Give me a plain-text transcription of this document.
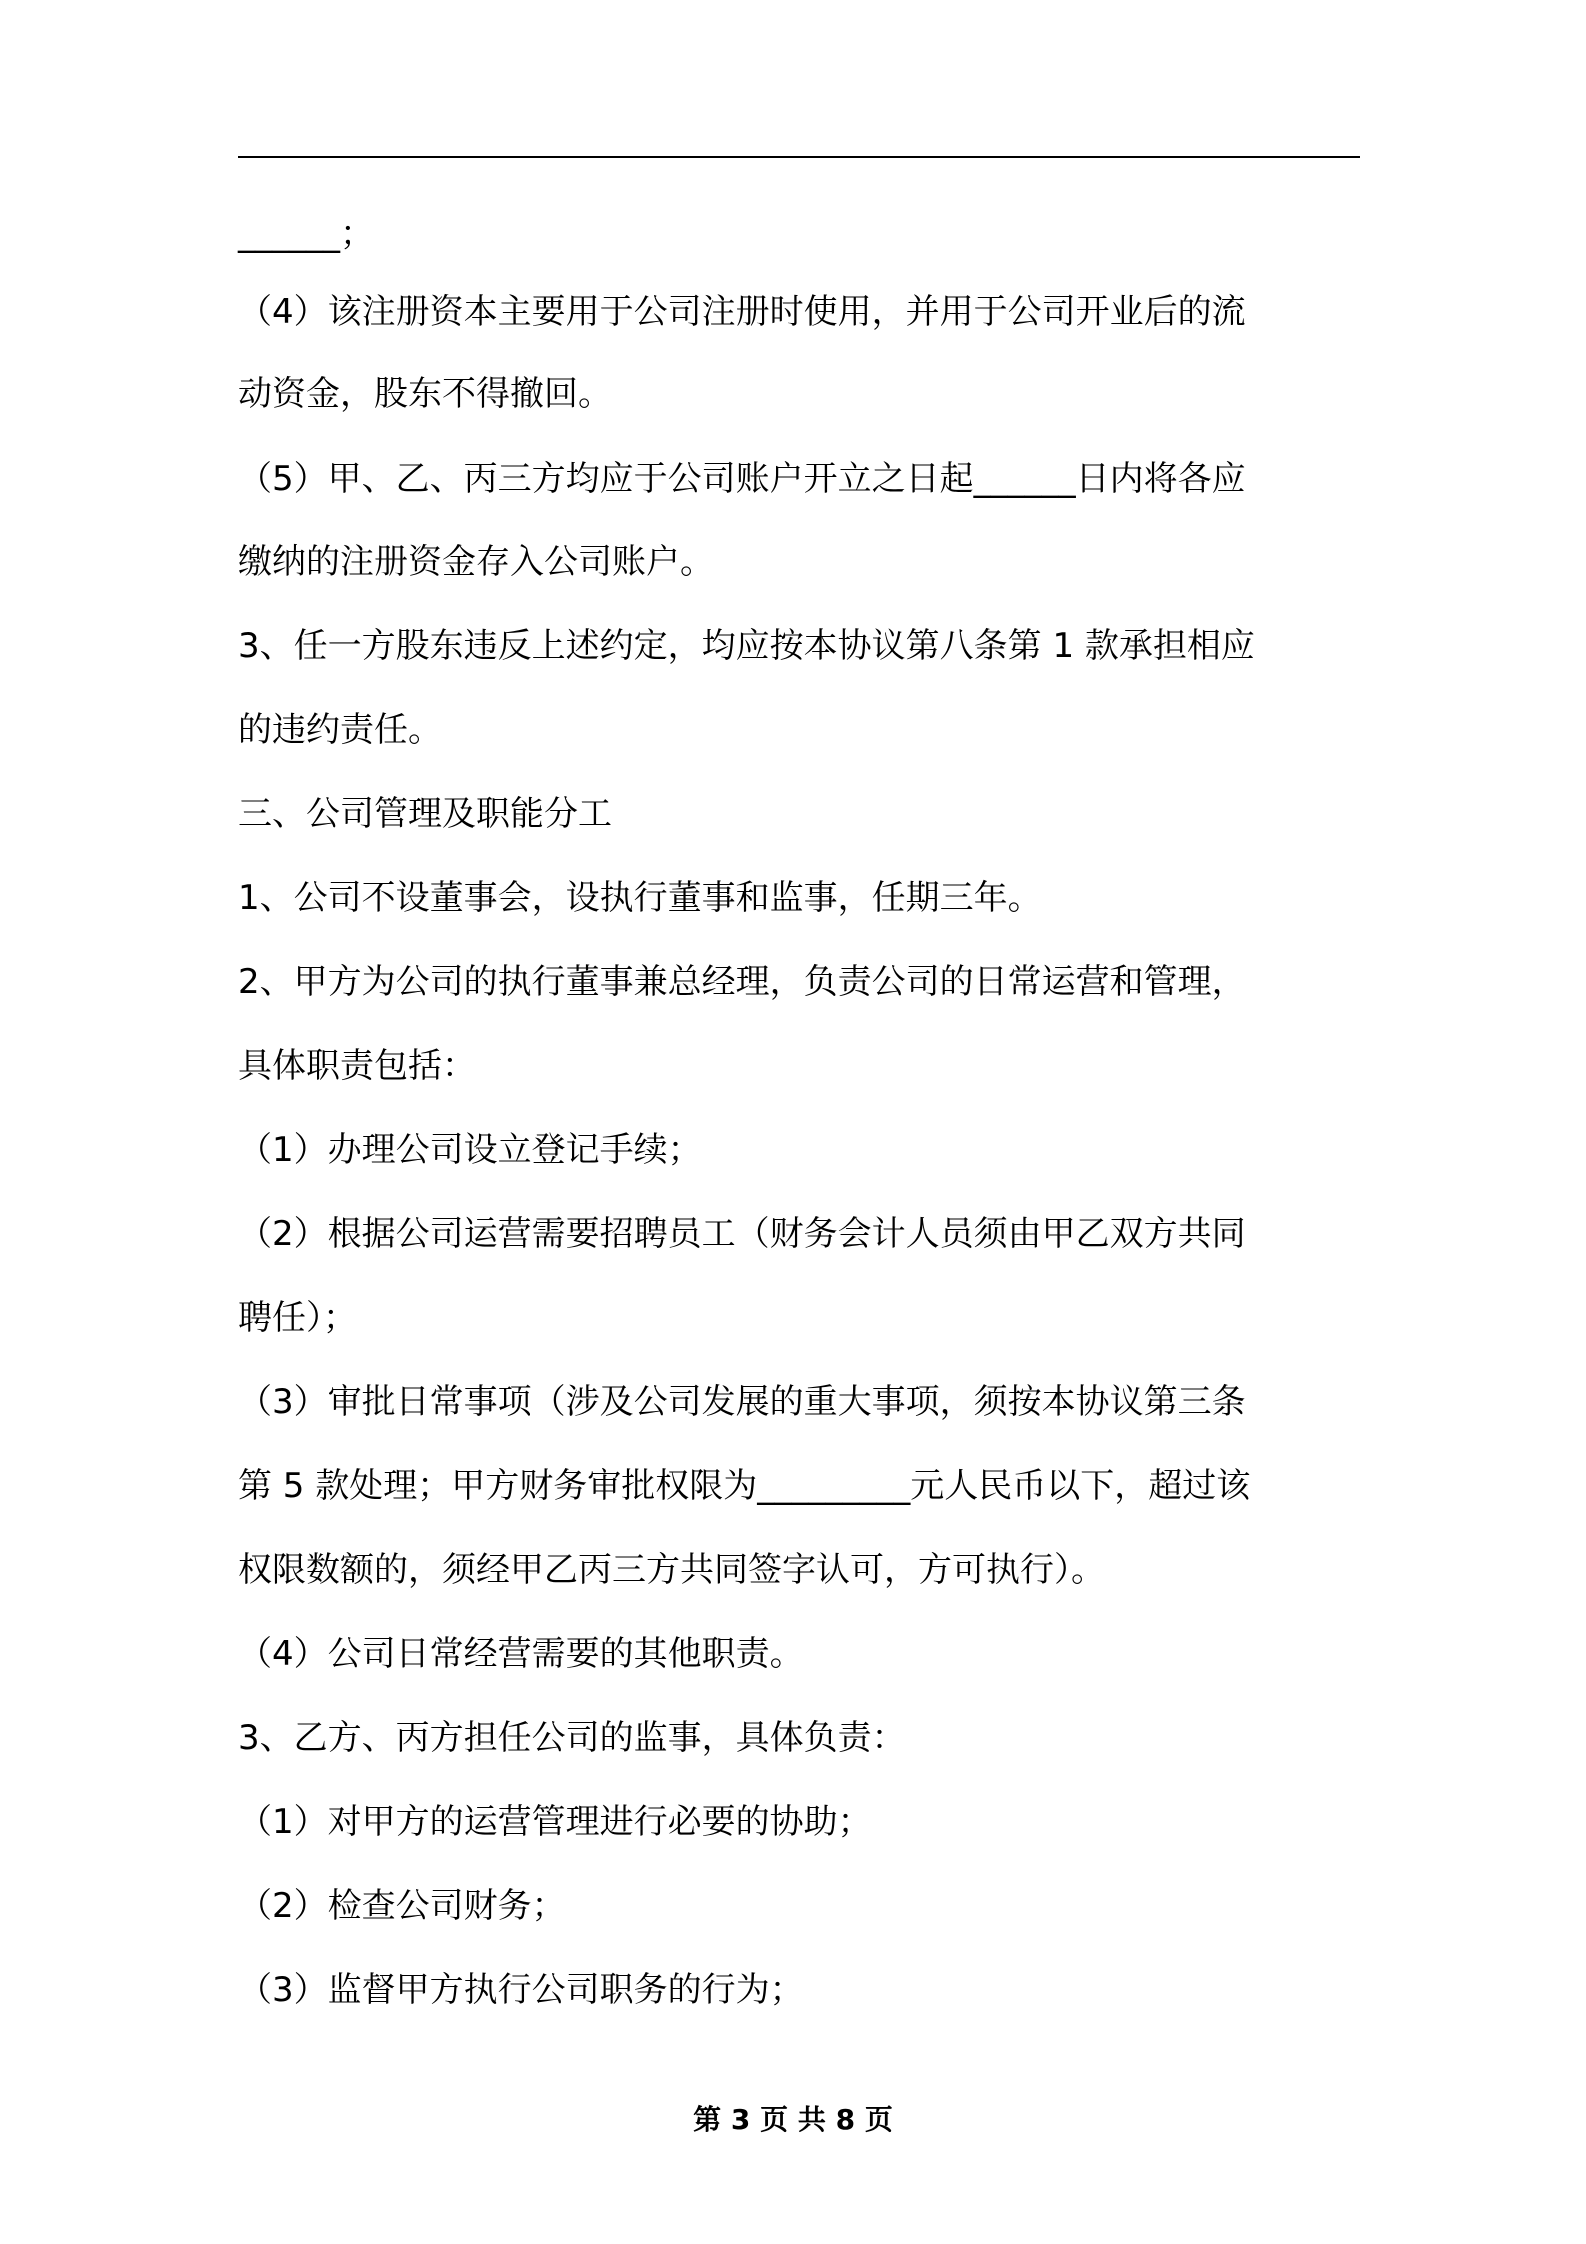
______；

（4）该注册资本主要用于公司注册时使用，并用于公司开业后的流

动资金，股东不得撤回。

（5）甲、乙、丙三方均应于公司账户开立之日起______日内将各应

缴纳的注册资金存入公司账户。

3、任一方股东违反上述约定，均应按本协议第八条第 1 款承担相应

的违约责任。

三、公司管理及职能分工

1、公司不设董事会，设执行董事和监事，任期三年。

2、甲方为公司的执行董事兼总经理，负责公司的日常运营和管理，

具体职责包括：

（1）办理公司设立登记手续；

（2）根据公司运营需要招聘员工（财务会计人员须由甲乙双方共同

聘任）；

（3）审批日常事项（涉及公司发展的重大事项，须按本协议第三条

第 5 款处理；甲方财务审批权限为_________元人民币以下，超过该

权限数额的，须经甲乙丙三方共同签字认可，方可执行）。

（4）公司日常经营需要的其他职责。

3、乙方、丙方担任公司的监事，具体负责：

（1）对甲方的运营管理进行必要的协助；

（2）检查公司财务；

（3）监督甲方执行公司职务的行为；

第 3 页 共 8 页
